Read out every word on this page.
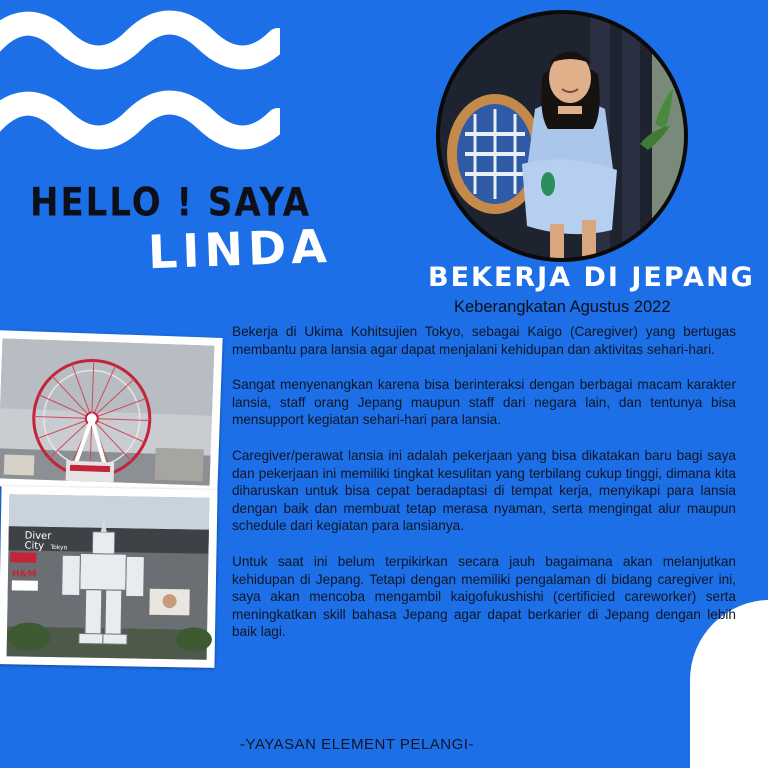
HELLO ! SAYA
LINDA	BEKERJA DI JEPANG
Keberangkatan Agustus 2022
Diver
City Tokyo
H&M

Bekerja di Ukima Kohitsujien Tokyo, sebagai Kaigo (Caregiver) yang bertugas membantu para lansia agar dapat menjalani kehidupan dan aktivitas sehari-hari.

Sangat menyenangkan karena bisa berinteraksi dengan berbagai macam karakter lansia, staff orang Jepang maupun staff dari negara lain, dan tentunya bisa mensupport kegiatan sehari-hari para lansia.

Caregiver/perawat lansia ini adalah pekerjaan yang bisa dikatakan baru bagi saya dan pekerjaan ini memiliki tingkat kesulitan yang terbilang cukup tinggi, dimana kita diharuskan untuk bisa cepat beradaptasi di tempat kerja, menyikapi para lansia dengan baik dan membuat tetap merasa nyaman, serta mengingat alur maupun schedule dari kegiatan para lansianya.

Untuk saat ini belum terpikirkan secara jauh bagaimana akan melanjutkan kehidupan di Jepang. Tetapi dengan memiliki pengalaman di bidang caregiver ini, saya akan mencoba mengambil kaigofukushishi (certificied careworker) serta meningkatkan skill bahasa Jepang agar dapat berkarier di Jepang dengan lebih baik lagi.

-YAYASAN ELEMENT PELANGI-
